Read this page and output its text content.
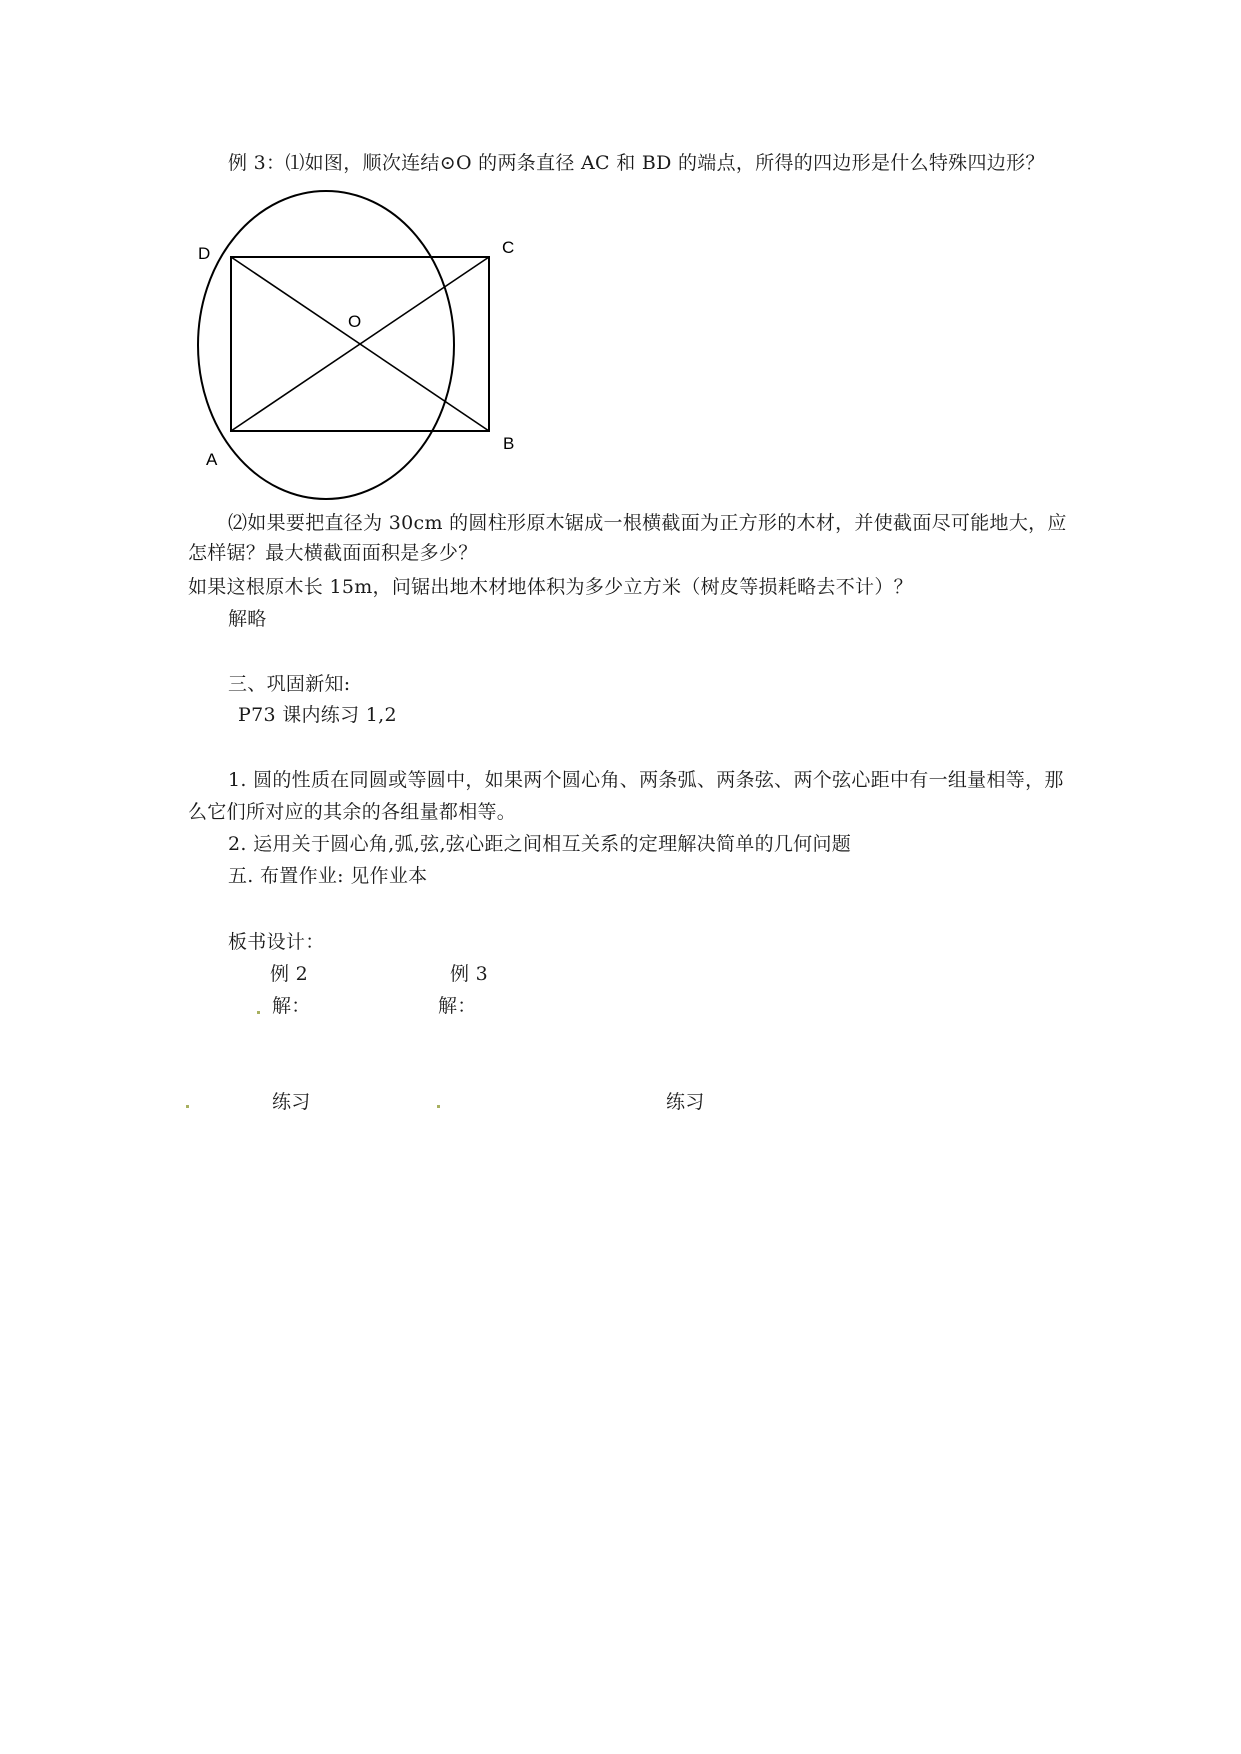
例 3：⑴如图，顺次连结⊙O 的两条直径 AC 和 BD 的端点，所得的四边形是什么特殊四边形？
D	C
O
A
B
⑵如果要把直径为 30cm 的圆柱形原木锯成一根横截面为正方形的木材，并使截面尽可能地大，应
怎样锯？最大横截面面积是多少？
如果这根原木长 15m，问锯出地木材地体积为多少立方米（树皮等损耗略去不计）？
解略
三、巩固新知:
P73 课内练习 1,2
1. 圆的性质在同圆或等圆中，如果两个圆心角、两条弧、两条弦、两个弦心距中有一组量相等，那
么它们所对应的其余的各组量都相等。
2. 运用关于圆心角,弧,弦,弦心距之间相互关系的定理解决简单的几何问题
五. 布置作业: 见作业本
板书设计：
例 2	例 3
解：	解：
练习	练习
